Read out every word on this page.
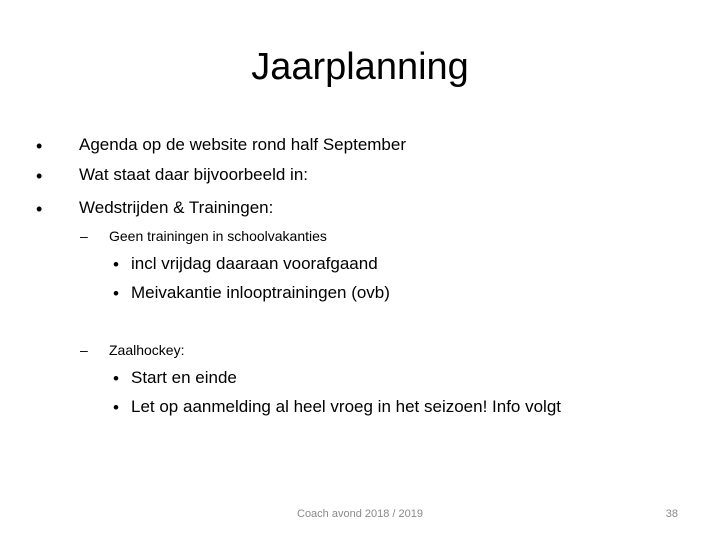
Jaarplanning
• Agenda op de website rond half September
• Wat staat daar bijvoorbeeld in:
• Wedstrijden & Trainingen:
– Geen trainingen in schoolvakanties
• incl vrijdag daaraan voorafgaand
• Meivakantie inlooptrainingen (ovb)
– Zaalhockey:
• Start en einde
• Let op aanmelding al heel vroeg in het seizoen! Info volgt
Coach avond 2018 / 2019	38
